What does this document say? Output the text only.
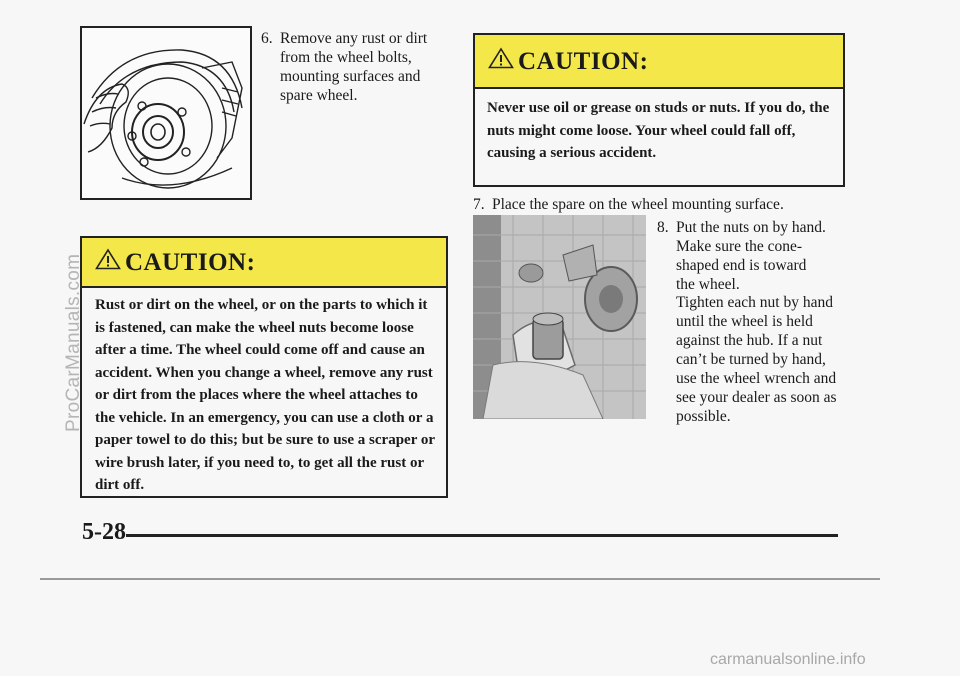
6. Remove any rust or dirt from the wheel bolts, mounting surfaces and spare wheel.
CAUTION:
Never use oil or grease on studs or nuts. If you do, the nuts might come loose. Your wheel could fall off, causing a serious accident.
CAUTION:
Rust or dirt on the wheel, or on the parts to which it is fastened, can make the wheel nuts become loose after a time. The wheel could come off and cause an accident. When you change a wheel, remove any rust or dirt from the places where the wheel attaches to the vehicle. In an emergency, you can use a cloth or a paper towel to do this; but be sure to use a scraper or wire brush later, if you need to, to get all the rust or dirt off.
7. Place the spare on the wheel mounting surface.
8. Put the nuts on by hand. Make sure the cone-shaped end is toward the wheel.
Tighten each nut by hand until the wheel is held against the hub. If a nut can’t be turned by hand, use the wheel wrench and see your dealer as soon as possible.
5-28
ProCarManuals.com
carmanualsonline.info
